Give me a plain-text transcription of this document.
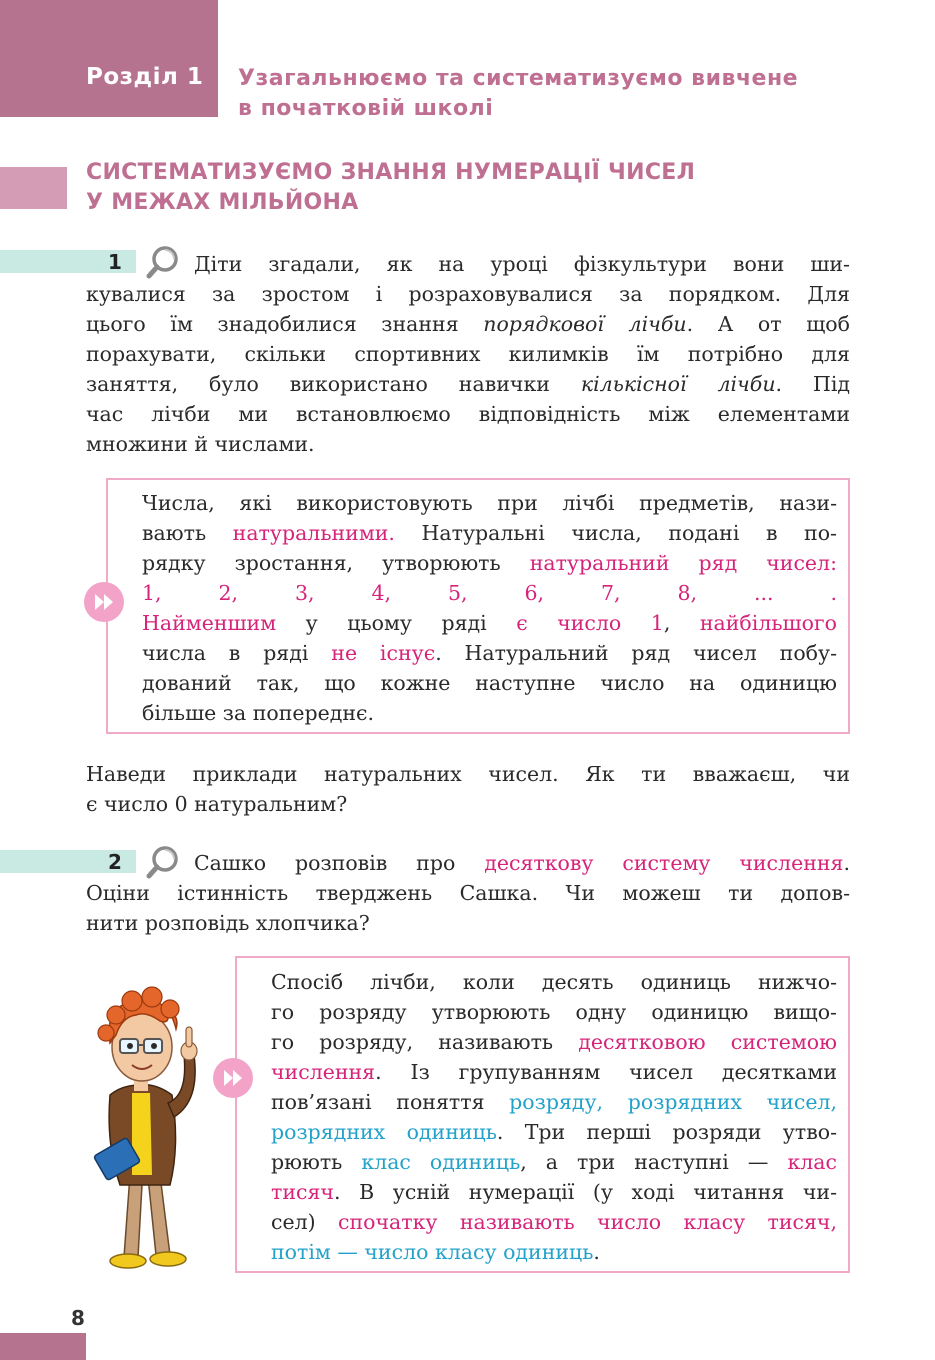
Розділ 1 Узагальнюємо та систематизуємо вивчене
в початковій школі
СИСТЕМАТИЗУЄМО ЗНАННЯ НУМЕРАЦІЇ ЧИСЕЛ
У МЕЖАХ МІЛЬЙОНА
1	Діти згадали, як на уроці фізкультури вони ши-
кувалися за зростом і розраховувалися за порядком. Для
цього їм знадобилися знання порядкової лічби. А от щоб
порахувати, скільки спортивних килимків їм потрібно для
заняття, було використано навички кількісної лічби. Під
час лічби ми встановлюємо відповідність між елементами
множини й числами.
Числа, які використовують при лічбі предметів, нази-
вають натуральними. Натуральні числа, подані в по-
рядку зростання, утворюють натуральний ряд чисел:
1, 2, 3, 4, 5, 6, 7, 8, ... .
Найменшим у цьому ряді є число 1, найбільшого
числа в ряді не існує. Натуральний ряд чисел побу-
дований так, що кожне наступне число на одиницю
більше за попереднє.
Наведи приклади натуральних чисел. Як ти вважаєш, чи
є число 0 натуральним?
2	Сашко розповів про десяткову систему числення.
Оціни істинність тверджень Сашка. Чи можеш ти допов-
нити розповідь хлопчика?
Спосіб лічби, коли десять одиниць нижчо-
го розряду утворюють одну одиницю вищо-
го розряду, називають десятковою системою
числення. Із групуванням чисел десятками
пов’язані поняття розряду, розрядних чисел,
розрядних одиниць. Три перші розряди утво-
рюють клас одиниць, а три наступні — клас
тисяч. В усній нумерації (у ході читання чи-
сел) спочатку називають число класу тисяч,
потім — число класу одиниць.
8
